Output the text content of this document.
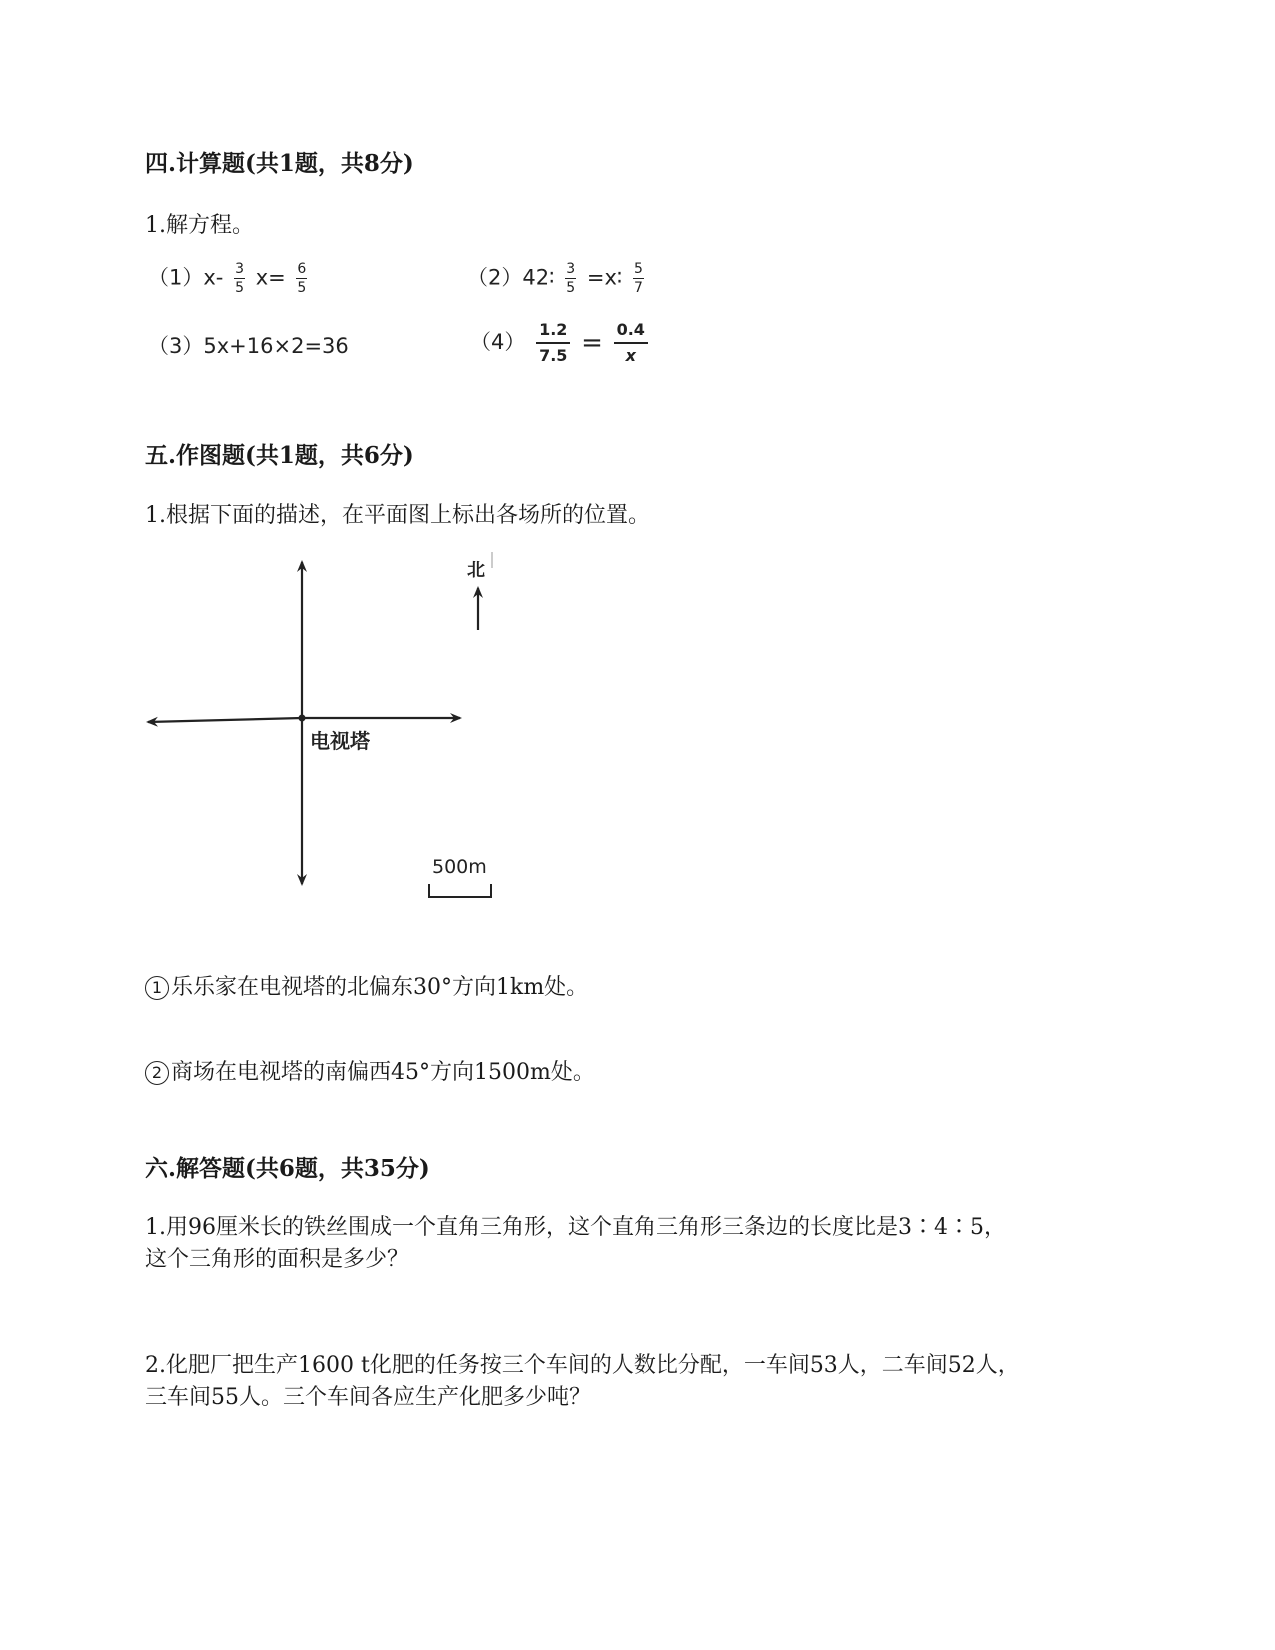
四.计算题(共1题，共8分)
1.解方程。
$(1)x- \frac{3}{5} x= \frac{6}{5}$	（2）42∶ $\frac{3}{5}$ =x∶ $\frac{5}{7}$
（3）5x+16×2=36	$(4) \frac{1.2}{7.5} = \frac{0.4}{x}$
五.作图题(共1题，共6分)
1.根据下面的描述，在平面图上标出各场所的位置。
电视塔
北
500m
1 乐乐家在电视塔的北偏东30°方向1km处。
2 商场在电视塔的南偏西45°方向1500m处。
六.解答题(共6题，共35分)
1.用96厘米长的铁丝围成一个直角三角形，这个直角三角形三条边的长度比是3∶4∶5，
这个三角形的面积是多少？
2.化肥厂把生产1600 t化肥的任务按三个车间的人数比分配，一车间53人，二车间52人，
三车间55人。三个车间各应生产化肥多少吨？
